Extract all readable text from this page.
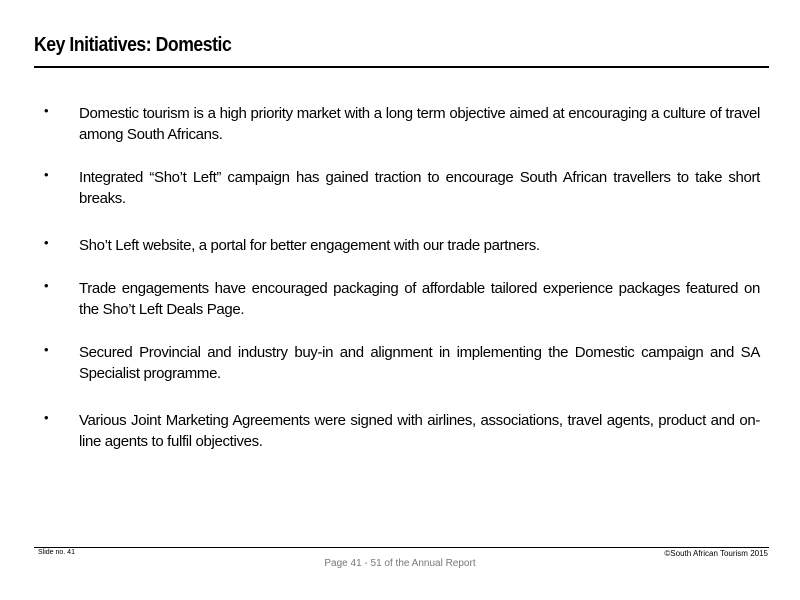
Key Initiatives: Domestic
•	Domestic tourism is a high priority market with a long term objective aimed at encouraging a culture of travel among South Africans.
•	Integrated “Sho’t Left” campaign has gained traction to encourage South African travellers to take short breaks.
•	Sho’t Left website, a portal for better engagement with our trade partners.
•	Trade engagements have encouraged packaging of affordable tailored experience packages featured on the Sho’t Left Deals Page.
•	Secured Provincial and industry buy-in and alignment in implementing the Domestic campaign and SA Specialist programme.
•	Various Joint Marketing Agreements were signed with airlines, associations, travel agents, product and on-line agents to fulfil objectives.
Slide no. 41	©South African Tourism 2015
Page 41 - 51 of the Annual Report
